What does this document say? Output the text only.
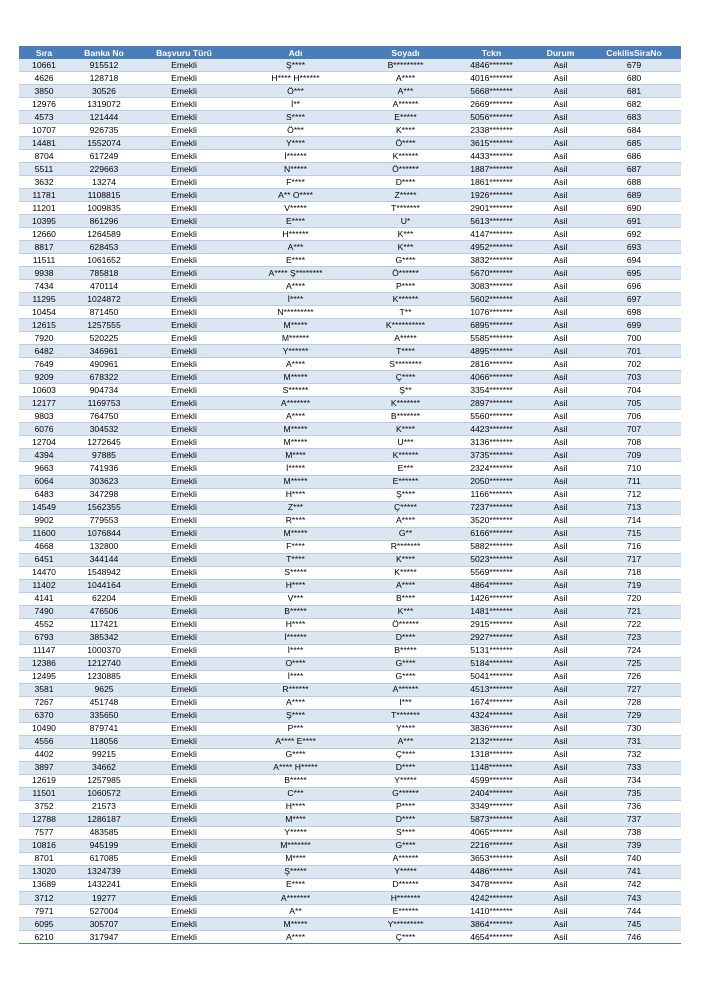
Sıra	Banka No	Başvuru Türü	Adı	Soyadı	Tckn	Durum	CekilisSiraNo
10661	915512	Emekli	Ş****	B*********	4846*******	Asil	679
4626	128718	Emekli	H**** H******	A****	4016*******	Asil	680
3850	30526	Emekli	Ö***	A***	5668*******	Asil	681
12976	1319072	Emekli	İ**	A******	2669*******	Asil	682
4573	121444	Emekli	S****	E*****	5056*******	Asil	683
10707	926735	Emekli	Ö***	K****	2338*******	Asil	684
14481	1552074	Emekli	Y****	Ö****	3615*******	Asil	685
8704	617249	Emekli	İ******	K******	4433*******	Asil	686
5511	229663	Emekli	N*****	Ö******	1887*******	Asil	687
3632	13274	Emekli	F****	D****	1861*******	Asil	688
11781	1108815	Emekli	A** O****	Z*****	1926*******	Asil	689
11201	1009835	Emekli	V*****	T*******	2901*******	Asil	690
10395	861296	Emekli	E****	U*	5613*******	Asil	691
12660	1264589	Emekli	H******	K***	4147*******	Asil	692
8817	628453	Emekli	A***	K***	4952*******	Asil	693
11511	1061652	Emekli	E****	G****	3832*******	Asil	694
9938	785818	Emekli	A**** Ş********	Ö******	5670*******	Asil	695
7434	470114	Emekli	A****	P****	3083*******	Asil	696
11295	1024872	Emekli	İ****	K******	5602*******	Asil	697
10454	871450	Emekli	N*********	T**	1076*******	Asil	698
12615	1257555	Emekli	M*****	K**********	6895*******	Asil	699
7920	520225	Emekli	M******	A*****	5585*******	Asil	700
6482	346961	Emekli	Y******	T****	4895*******	Asil	701
7649	490961	Emekli	A****	S********	2816*******	Asil	702
9209	678322	Emekli	M*****	Ç****	4066*******	Asil	703
10603	904734	Emekli	S******	Ş**	3354*******	Asil	704
12177	1169753	Emekli	A*******	K*******	2897*******	Asil	705
9803	764750	Emekli	A****	B*******	5560*******	Asil	706
6076	304532	Emekli	M*****	K****	4423*******	Asil	707
12704	1272645	Emekli	M*****	U***	3136*******	Asil	708
4394	97885	Emekli	M****	K******	3735*******	Asil	709
9663	741936	Emekli	İ*****	E***	2324*******	Asil	710
6064	303623	Emekli	M*****	E******	2050*******	Asil	711
6483	347298	Emekli	H****	Ş****	1166*******	Asil	712
14549	1562355	Emekli	Z***	Ç*****	7237*******	Asil	713
9902	779553	Emekli	R****	A****	3520*******	Asil	714
11600	1076844	Emekli	M*****	G**	6166*******	Asil	715
4668	132800	Emekli	F****	R*******	5882*******	Asil	716
6451	344144	Emekli	T****	K****	5023*******	Asil	717
14470	1548942	Emekli	S*****	K*****	5569*******	Asil	718
11402	1044164	Emekli	H****	A****	4864*******	Asil	719
4141	62204	Emekli	V***	B****	1426*******	Asil	720
7490	476506	Emekli	B*****	K***	1481*******	Asil	721
4552	117421	Emekli	H****	Ö******	2915*******	Asil	722
6793	385342	Emekli	İ******	D****	2927*******	Asil	723
11147	1000370	Emekli	İ****	B*****	5131*******	Asil	724
12386	1212740	Emekli	O****	G****	5184*******	Asil	725
12495	1230885	Emekli	İ****	G****	5041*******	Asil	726
3581	9625	Emekli	R******	A******	4513*******	Asil	727
7267	451748	Emekli	A****	I***	1674*******	Asil	728
6370	335650	Emekli	Ş****	T*******	4324*******	Asil	729
10490	879741	Emekli	P***	Y****	3836*******	Asil	730
4556	118056	Emekli	A**** E****	A***	2132*******	Asil	731
4402	99215	Emekli	G****	Ç****	1318*******	Asil	732
3897	34662	Emekli	A**** H*****	D****	1148*******	Asil	733
12619	1257985	Emekli	B*****	Y*****	4599*******	Asil	734
11501	1060572	Emekli	C***	G******	2404*******	Asil	735
3752	21573	Emekli	H****	P****	3349*******	Asil	736
12788	1286187	Emekli	M****	D****	5873*******	Asil	737
7577	483585	Emekli	Y*****	S****	4065*******	Asil	738
10816	945199	Emekli	M*******	G****	2216*******	Asil	739
8701	617085	Emekli	M****	A******	3653*******	Asil	740
13020	1324739	Emekli	Ş*****	Y*****	4486*******	Asil	741
13689	1432241	Emekli	E****	D******	3478*******	Asil	742
3712	19277	Emekli	A*******	H*******	4242*******	Asil	743
7971	527004	Emekli	A**	E******	1410*******	Asil	744
6095	305707	Emekli	M*****	Y*********	3864*******	Asil	745
6210	317947	Emekli	A****	Ç****	4654*******	Asil	746
